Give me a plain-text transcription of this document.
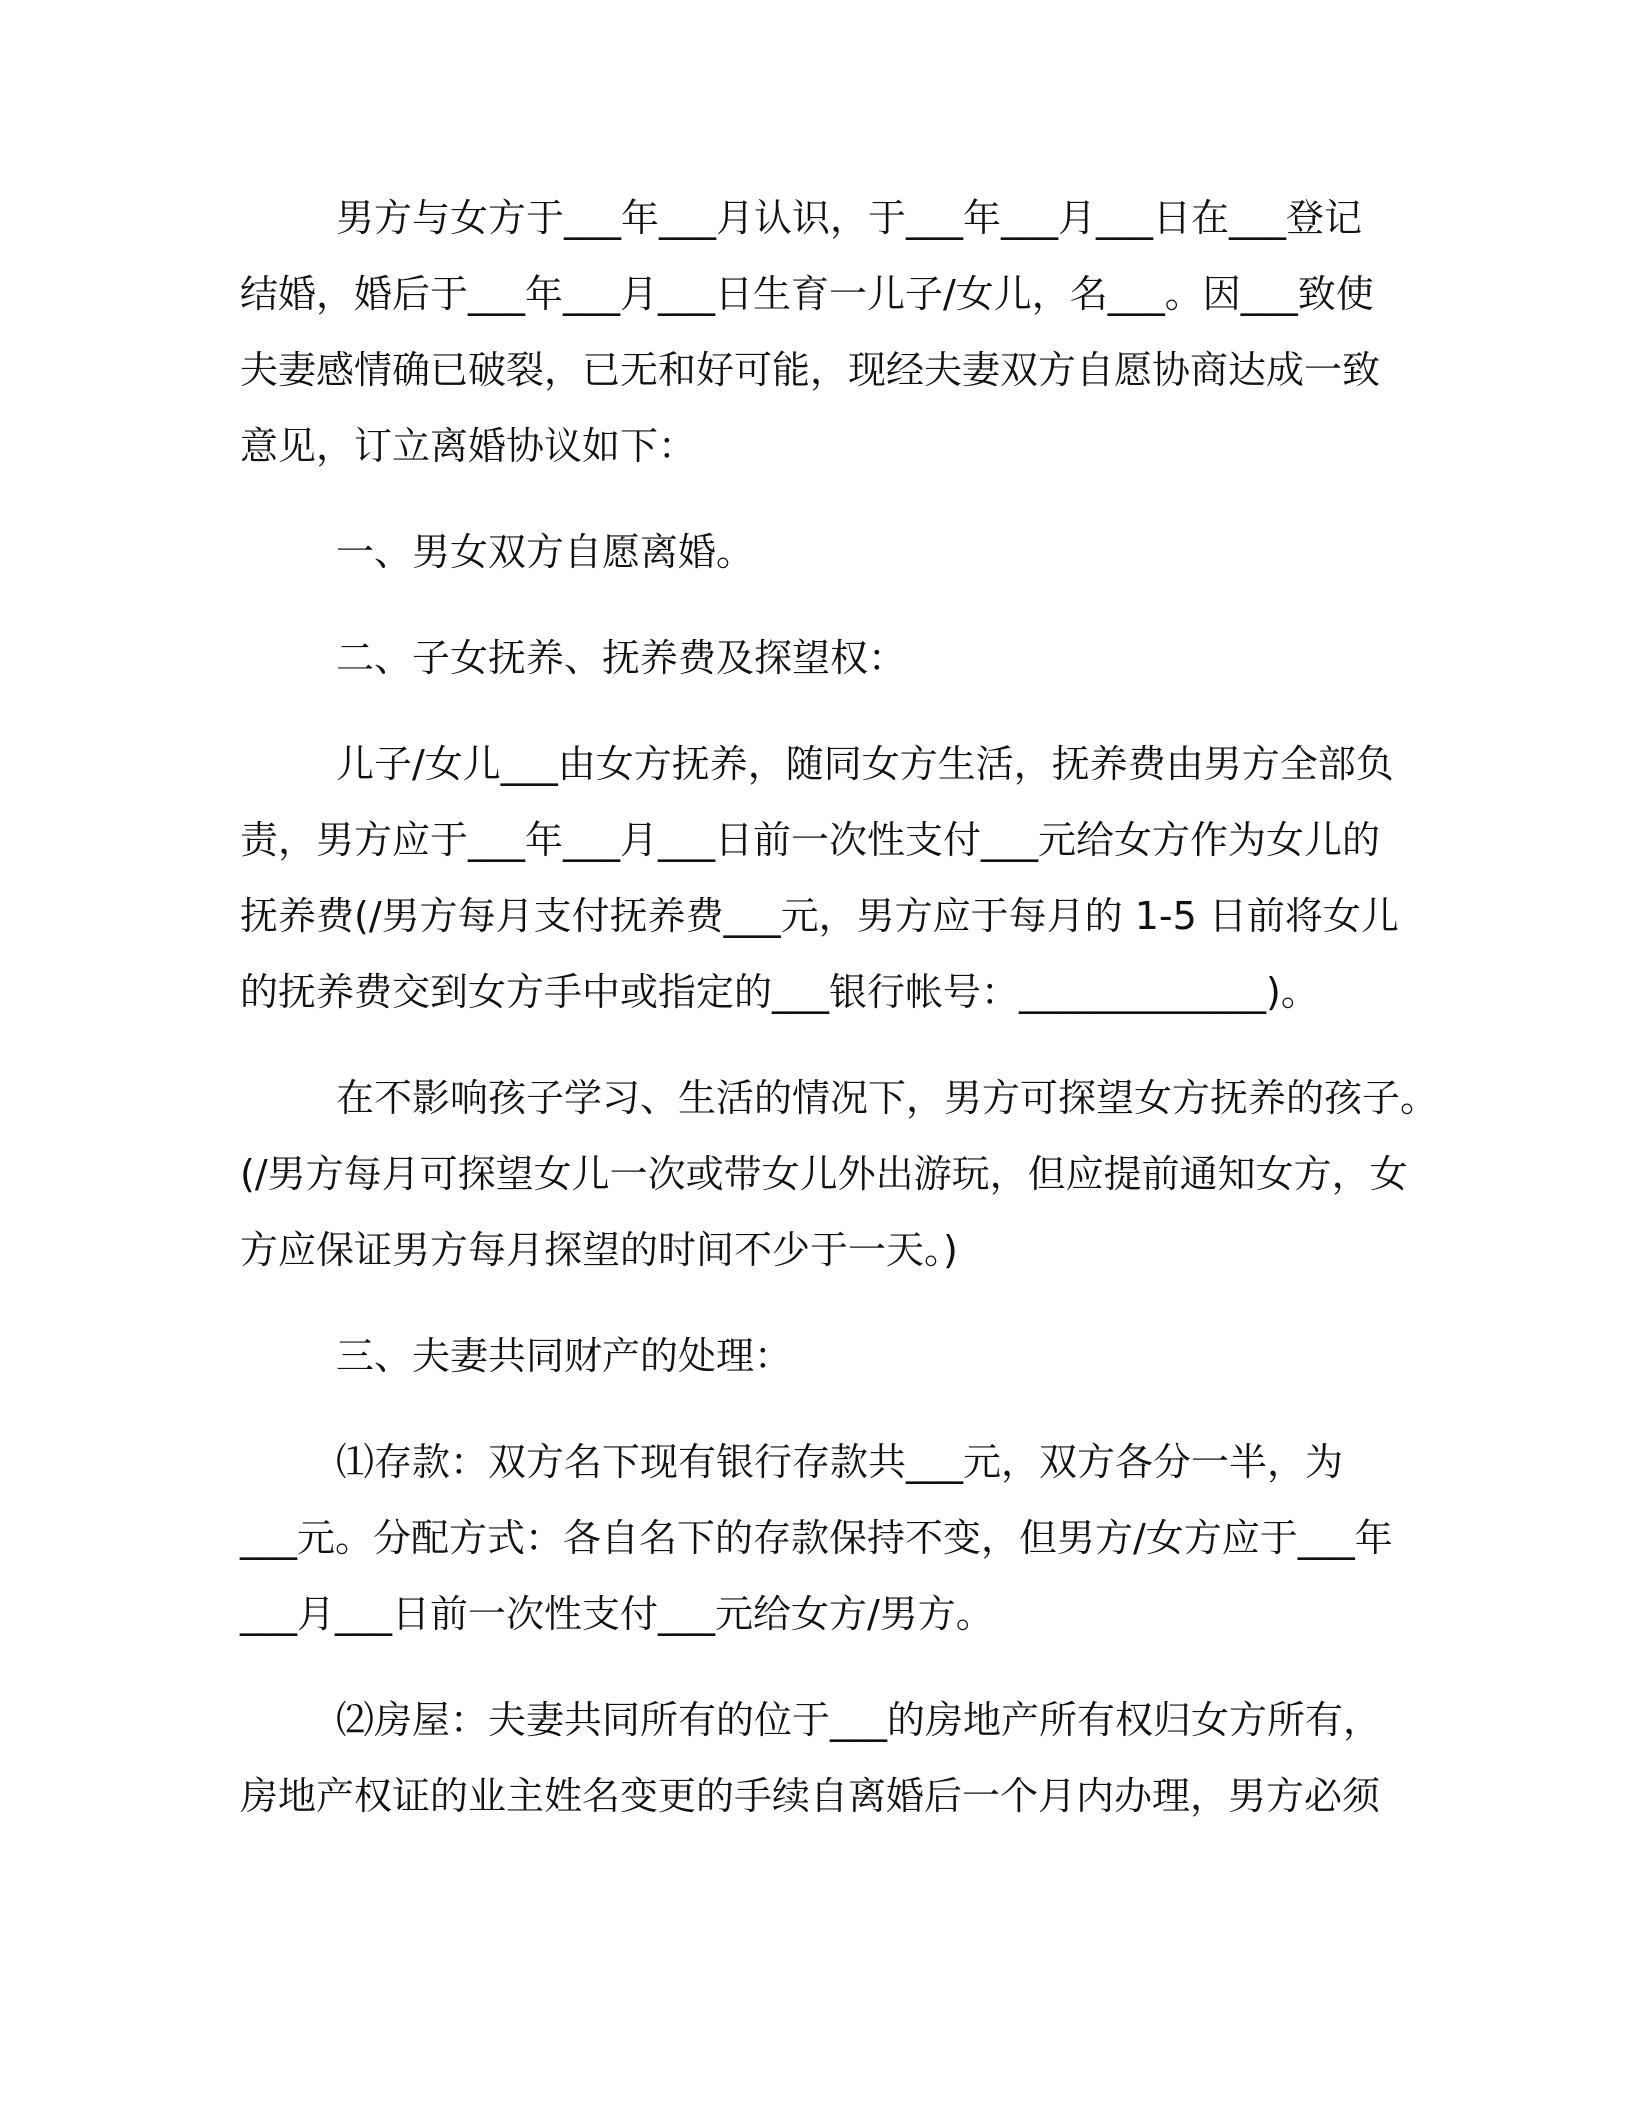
男方与女方于___年___月认识，于___年___月___日在___登记
结婚，婚后于___年___月___日生育一儿子/女儿，名___。因___致使
夫妻感情确已破裂，已无和好可能，现经夫妻双方自愿协商达成一致
意见，订立离婚协议如下：
一、男女双方自愿离婚。
二、子女抚养、抚养费及探望权：
儿子/女儿___由女方抚养，随同女方生活，抚养费由男方全部负
责，男方应于___年___月___日前一次性支付___元给女方作为女儿的
抚养费(/男方每月支付抚养费___元，男方应于每月的 1-5 日前将女儿
的抚养费交到女方手中或指定的___银行帐号：_____________)。
在不影响孩子学习、生活的情况下，男方可探望女方抚养的孩子。
(/男方每月可探望女儿一次或带女儿外出游玩，但应提前通知女方，女
方应保证男方每月探望的时间不少于一天。)
三、夫妻共同财产的处理：
⑴存款：双方名下现有银行存款共___元，双方各分一半，为
___元。分配方式：各自名下的存款保持不变，但男方/女方应于___年
___月___日前一次性支付___元给女方/男方。
⑵房屋：夫妻共同所有的位于___的房地产所有权归女方所有，
房地产权证的业主姓名变更的手续自离婚后一个月内办理，男方必须
